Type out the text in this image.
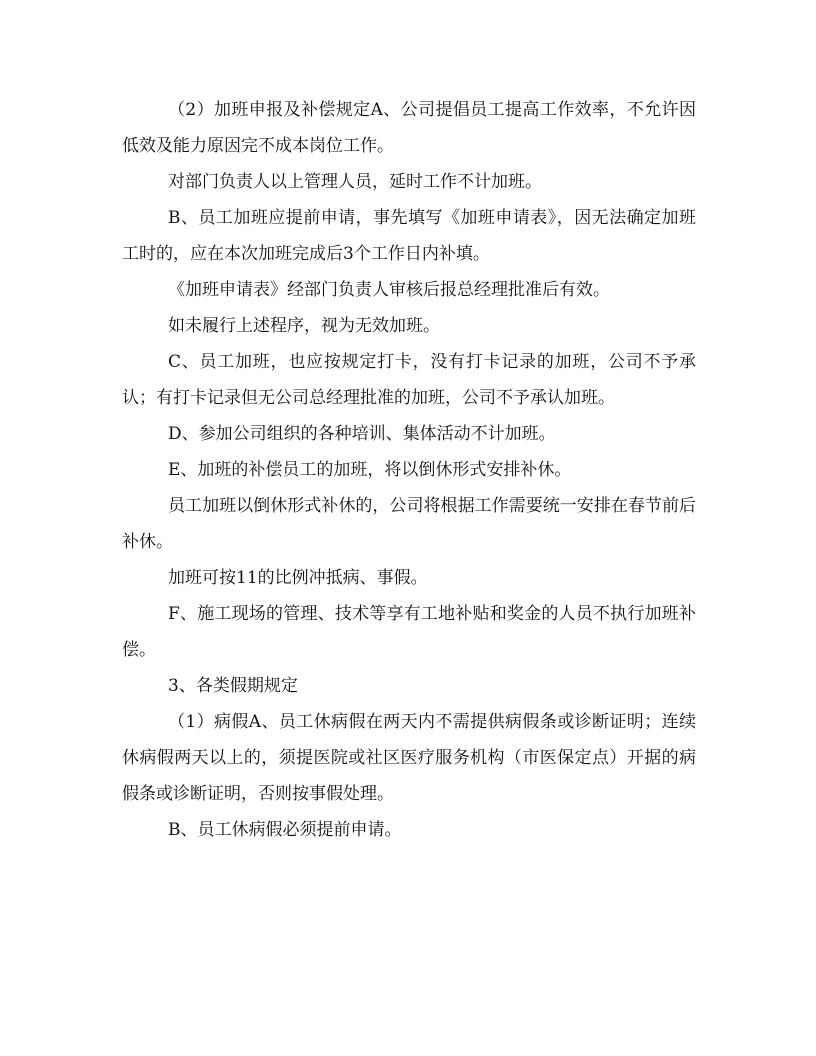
（2）加班申报及补偿规定A、公司提倡员工提高工作效率，不允许因低效及能力原因完不成本岗位工作。

对部门负责人以上管理人员，延时工作不计加班。

B、员工加班应提前申请，事先填写《加班申请表》，因无法确定加班工时的，应在本次加班完成后3个工作日内补填。

《加班申请表》经部门负责人审核后报总经理批准后有效。

如未履行上述程序，视为无效加班。

C、员工加班，也应按规定打卡，没有打卡记录的加班，公司不予承认；有打卡记录但无公司总经理批准的加班，公司不予承认加班。

D、参加公司组织的各种培训、集体活动不计加班。

E、加班的补偿员工的加班，将以倒休形式安排补休。

员工加班以倒休形式补休的，公司将根据工作需要统一安排在春节前后补休。

加班可按11的比例冲抵病、事假。

F、施工现场的管理、技术等享有工地补贴和奖金的人员不执行加班补偿。

3、各类假期规定

（1）病假A、员工休病假在两天内不需提供病假条或诊断证明；连续休病假两天以上的，须提医院或社区医疗服务机构（市医保定点）开据的病假条或诊断证明，否则按事假处理。

B、员工休病假必须提前申请。
